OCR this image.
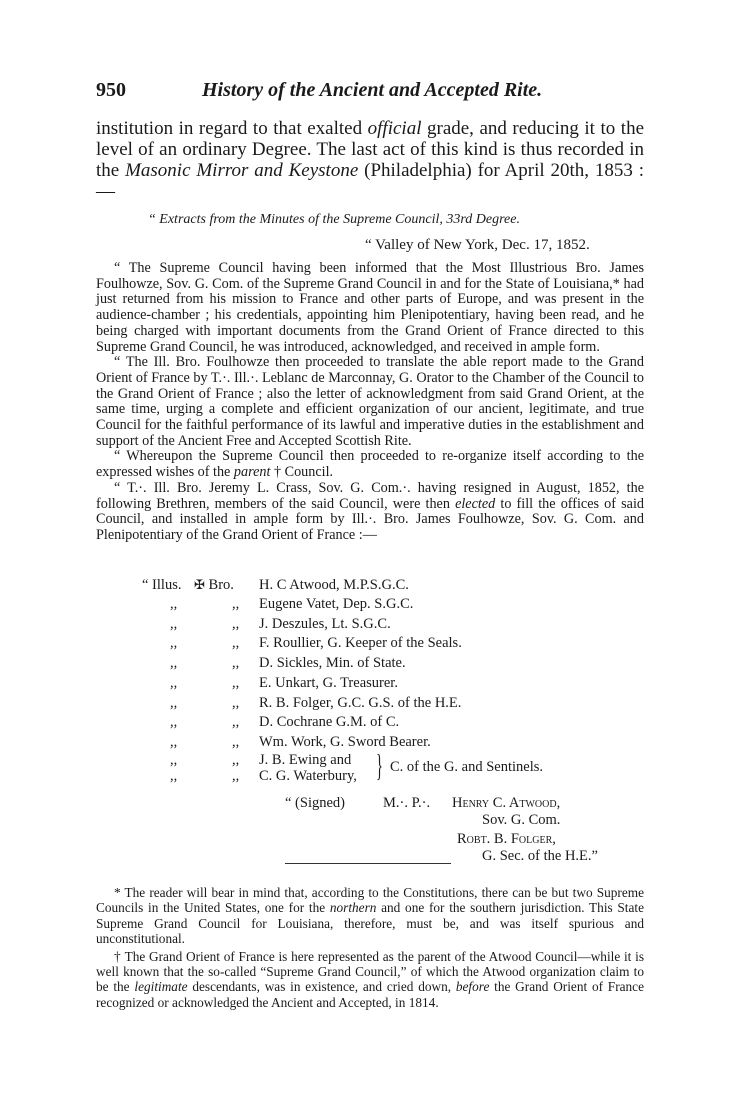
950	History of the Ancient and Accepted Rite.
institution in regard to that exalted official grade, and reducing it to the level of an ordinary Degree. The last act of this kind is thus recorded in the Masonic Mirror and Keystone (Philadelphia) for April 20th, 1853 :—
“ Extracts from the Minutes of the Supreme Council, 33rd Degree.
“ Valley of New York, Dec. 17, 1852.

“ The Supreme Council having been informed that the Most Illustrious Bro. James Foulhowze, Sov. G. Com. of the Supreme Grand Council in and for the State of Louisiana,* had just returned from his mission to France and other parts of Europe, and was present in the audience-chamber ; his credentials, appointing him Plenipotentiary, having been read, and he being charged with important documents from the Grand Orient of France directed to this Supreme Grand Council, he was introduced, acknowledged, and received in ample form.

“ The Ill. Bro. Foulhowze then proceeded to translate the able report made to the Grand Orient of France by T.·. Ill.·. Leblanc de Marconnay, G. Orator to the Chamber of the Council to the Grand Orient of France ; also the letter of acknowledgment from said Grand Orient, at the same time, urging a complete and efficient organization of our ancient, legitimate, and true Council for the faithful performance of its lawful and imperative duties in the establishment and support of the Ancient Free and Accepted Scottish Rite.

“ Whereupon the Supreme Council then proceeded to re-organize itself according to the expressed wishes of the parent † Council.

“ T.·. Ill. Bro. Jeremy L. Crass, Sov. G. Com.·. having resigned in August, 1852, the following Brethren, members of the said Council, were then elected to fill the offices of said Council, and installed in ample form by Ill.·. Bro. James Foulhowze, Sov. G. Com. and Plenipotentiary of the Grand Orient of France :—

“ Illus. ✠ Bro. H. C Atwood, M.P.S.G.C.
,,	,, Eugene Vatet, Dep. S.G.C.
,,	,, J. Deszules, Lt. S.G.C.
,,	,, F. Roullier, G. Keeper of the Seals.
,,	,, D. Sickles, Min. of State.
,,	,, E. Unkart, G. Treasurer.
,,	,, R. B. Folger, G.C. G.S. of the H.E.
,,	,, D. Cochrane G.M. of C.
,,	,, Wm. Work, G. Sword Bearer.
,,	,, J. B. Ewing and
,,	,, C. G. Waterbury, } C. of the G. and Sentinels.
“ (Signed)	M.·. P.·. Henry C. Atwood,
Sov. G. Com.
Robt. B. Folger,
G. Sec. of the H.E.”

* The reader will bear in mind that, according to the Constitutions, there can be but two Supreme Councils in the United States, one for the northern and one for the southern jurisdiction. This State Supreme Grand Council for Louisiana, therefore, must be, and was itself spurious and unconstitutional.

† The Grand Orient of France is here represented as the parent of the Atwood Council—while it is well known that the so-called “Supreme Grand Council,” of which the Atwood organization claim to be the legitimate descendants, was in existence, and cried down, before the Grand Orient of France recognized or acknowledged the Ancient and Accepted, in 1814.
